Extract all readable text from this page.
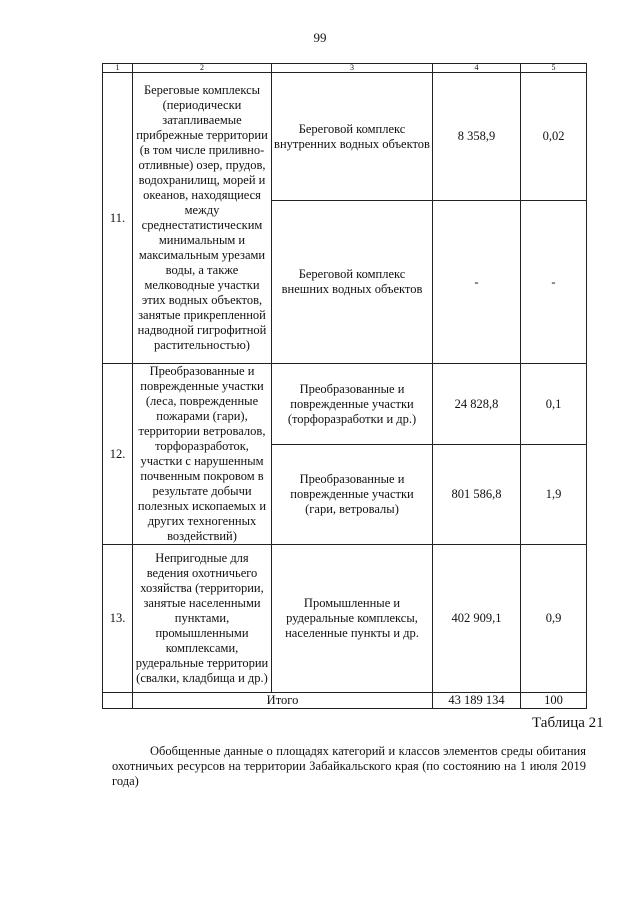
99
1	2	3	4	5
11.	Береговые комплексы (периодически затапливаемые прибрежные территории (в том числе приливно-отливные) озер, прудов, водохранилищ, морей и океанов, находящиеся между среднестатистическим минимальным и максимальным урезами воды, а также мелководные участки этих водных объектов, занятые прикрепленной надводной гигрофитной растительностью)	Береговой комплекс внутренних водных объектов	8 358,9	0,02
		Береговой комплекс внешних водных объектов	-	-
12.	Преобразованные и поврежденные участки (леса, поврежденные пожарами (гари), территории ветровалов, торфоразработок, участки с нарушенным почвенным покровом в результате добычи полезных ископаемых и других техногенных воздействий)	Преобразованные и поврежденные участки (торфоразработки и др.)	24 828,8	0,1
		Преобразованные и поврежденные участки (гари, ветровалы)	801 586,8	1,9
13.	Непригодные для ведения охотничьего хозяйства (территории, занятые населенными пунктами, промышленными комплексами, рудеральные территории (свалки, кладбища и др.)	Промышленные и рудеральные комплексы, населенные пункты и др.	402 909,1	0,9
	Итого		43 189 134	100
Таблица 21
Обобщенные данные о площадях категорий и классов элементов среды обитания охотничьих ресурсов на территории Забайкальского края (по состоянию на 1 июля 2019 года)
